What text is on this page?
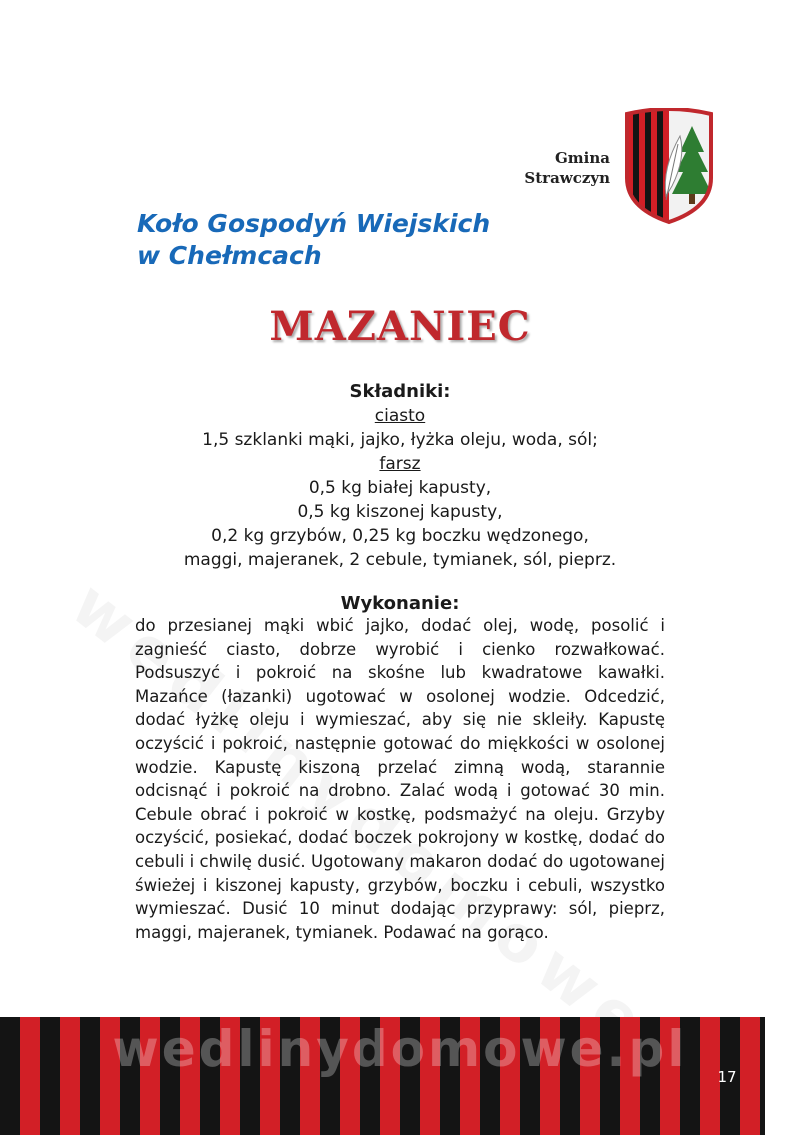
Gmina
Strawczyn
Koło Gospodyń Wiejskich
w Chełmcach
MAZANIEC
Składniki:
ciasto
1,5 szklanki mąki, jajko, łyżka oleju, woda, sól;
farsz
0,5 kg białej kapusty,
0,5 kg kiszonej kapusty,
0,2 kg grzybów, 0,25 kg boczku wędzonego,
maggi, majeranek, 2 cebule, tymianek, sól, pieprz.
Wykonanie:
do przesianej mąki wbić jajko, dodać olej, wodę, posolić i zagnieść ciasto, dobrze wyrobić i cienko rozwałkować. Podsuszyć i pokroić na skośne lub kwadratowe kawałki. Mazańce (łazanki) ugotować w osolonej wodzie. Odcedzić, dodać łyżkę oleju i wymieszać, aby się nie skleiły. Kapustę oczyścić i pokroić, następnie gotować do miękkości w osolonej wodzie. Kapustę kiszoną przelać zimną wodą, starannie odcisnąć i pokroić na drobno. Zalać wodą i gotować 30 min. Cebule obrać i pokroić w kostkę, podsmażyć na oleju. Grzyby oczyścić, posiekać, dodać boczek pokrojony w kostkę, dodać do cebuli i chwilę dusić. Ugotowany makaron dodać do ugotowanej świeżej i kiszonej kapusty, grzybów, boczku i cebuli, wszystko wymieszać. Dusić 10 minut dodając przyprawy: sól, pieprz, maggi, majeranek, tymianek. Podawać na gorąco.
wedlinydomowe.pl	17
